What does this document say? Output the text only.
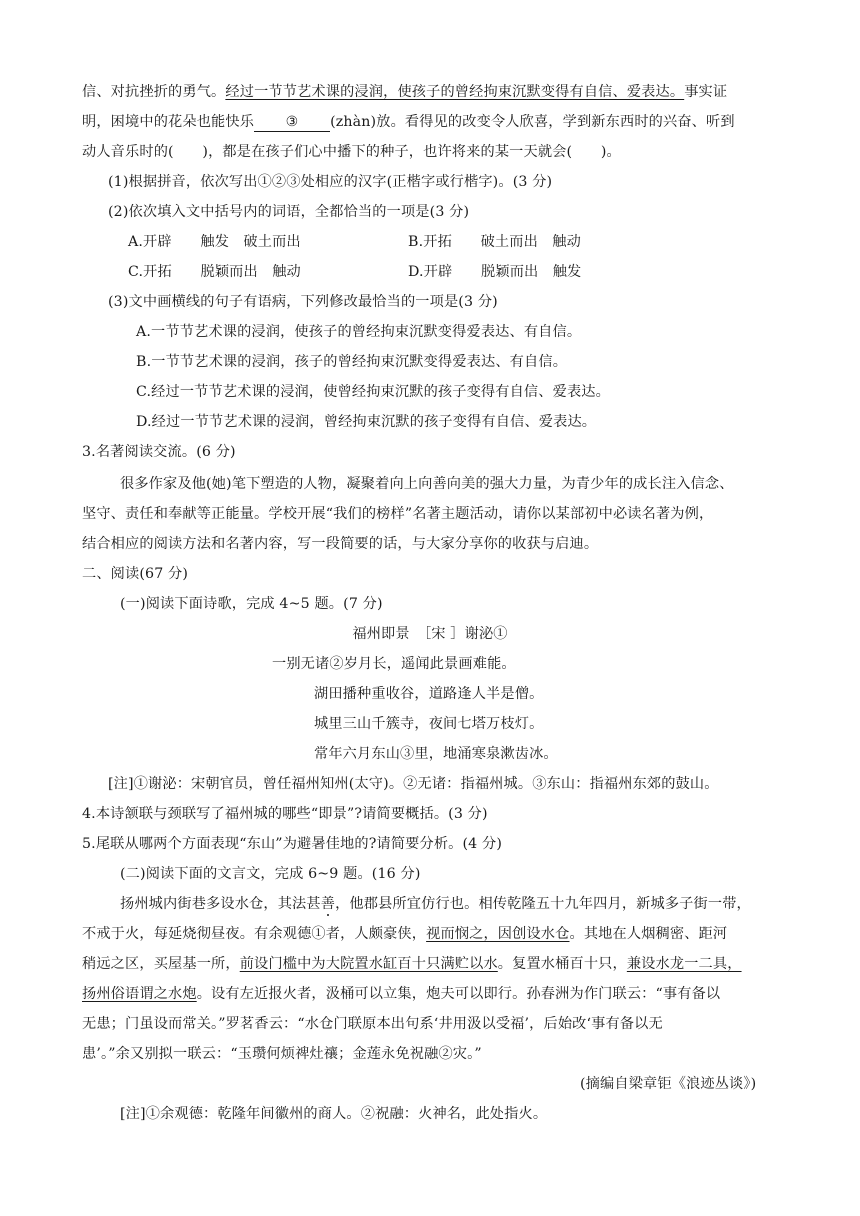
信、对抗挫折的勇气。经过一节节艺术课的浸润，使孩子的曾经拘束沉默变得有自信、爱表达。事实证
明，困境中的花朵也能快乐 ③ (zhàn)放。看得见的改变令人欣喜，学到新东西时的兴奋、听到
动人音乐时的(　　)，都是在孩子们心中播下的种子，也许将来的某一天就会(　　)。
(1)根据拼音，依次写出①②③处相应的汉字(正楷字或行楷字)。(3 分)
(2)依次填入文中括号内的词语，全都恰当的一项是(3 分)
A.开辟　　触发　破土而出	B.开拓　　破土而出　触动
C.开拓　　脱颖而出　触动	D.开辟　　脱颖而出　触发
(3)文中画横线的句子有语病，下列修改最恰当的一项是(3 分)
A.一节节艺术课的浸润，使孩子的曾经拘束沉默变得爱表达、有自信。
B.一节节艺术课的浸润，孩子的曾经拘束沉默变得爱表达、有自信。
C.经过一节节艺术课的浸润，使曾经拘束沉默的孩子变得有自信、爱表达。
D.经过一节节艺术课的浸润，曾经拘束沉默的孩子变得有自信、爱表达。
3.名著阅读交流。(6 分)
很多作家及他(她)笔下塑造的人物，凝聚着向上向善向美的强大力量，为青少年的成长注入信念、
坚守、责任和奉献等正能量。学校开展“我们的榜样”名著主题活动，请你以某部初中必读名著为例，
结合相应的阅读方法和名著内容，写一段简要的话，与大家分享你的收获与启迪。
二、阅读(67 分)
(一)阅读下面诗歌，完成 4~5 题。(7 分)
福州即景　［宋 ］谢泌①
一别无诸②岁月长，遥闻此景画难能。
湖田播种重收谷，道路逢人半是僧。
城里三山千簇寺，夜间七塔万枝灯。
常年六月东山③里，地涌寒泉漱齿冰。
[注]①谢泌：宋朝官员，曾任福州知州(太守)。②无诸：指福州城。③东山：指福州东郊的鼓山。
4.本诗颔联与颈联写了福州城的哪些“即景”?请简要概括。(3 分)
5.尾联从哪两个方面表现“东山”为避暑佳地的?请简要分析。(4 分)
(二)阅读下面的文言文，完成 6~9 题。(16 分)
扬州城内街巷多设水仓，其法甚善，他郡县所宜仿行也。相传乾隆五十九年四月，新城多子街一带，
不戒于火，每延烧彻昼夜。有余观德①者，人颇豪侠，视而悯之，因创设水仓。其地在人烟稠密、距河
稍远之区，买屋基一所，前设门槛中为大院置水缸百十只满贮以水。复置水桶百十只，兼设水龙一二具，
扬州俗语谓之水炮。设有左近报火者，汲桶可以立集，炮夫可以即行。孙春洲为作门联云：“事有备以
无患；门虽设而常关。”罗茗香云：“水仓门联原本出句系‘井用汲以受福’，后始改‘事有备以无
患’。”余又别拟一联云：“玉瓒何烦禆灶禳；金莲永免祝融②灾。”
(摘编自梁章钜《浪迹丛谈》)
[注]①余观德：乾隆年间徽州的商人。②祝融：火神名，此处指火。
